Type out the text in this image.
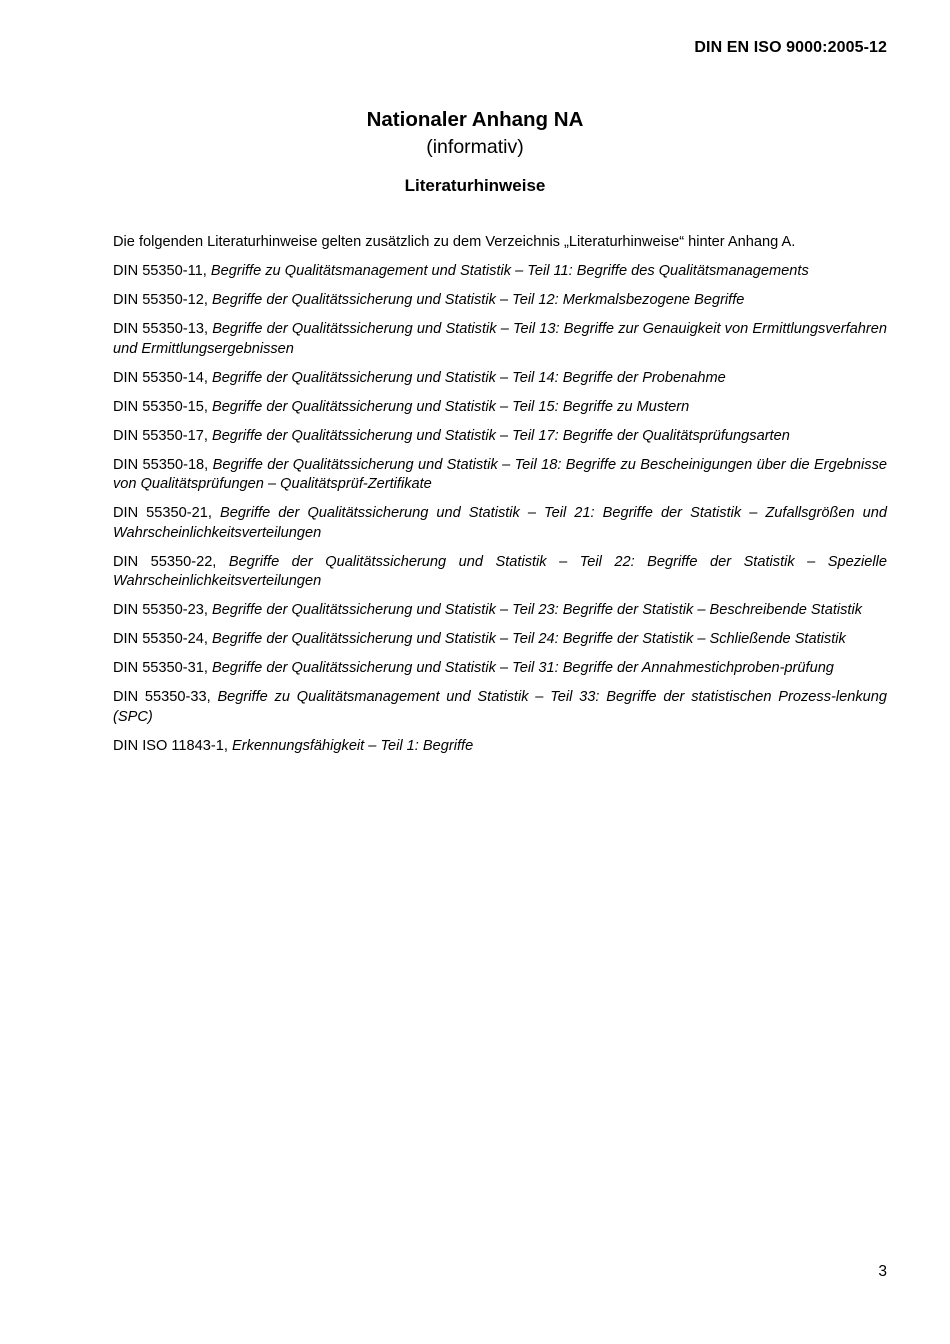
DIN EN ISO 9000:2005-12
Nationaler Anhang NA
(informativ)
Literaturhinweise

Die folgenden Literaturhinweise gelten zusätzlich zu dem Verzeichnis „Literaturhinweise“ hinter Anhang A.

DIN 55350-11, Begriffe zu Qualitätsmanagement und Statistik – Teil 11: Begriffe des Qualitätsmanagements

DIN 55350-12, Begriffe der Qualitätssicherung und Statistik – Teil 12: Merkmalsbezogene Begriffe

DIN 55350-13, Begriffe der Qualitätssicherung und Statistik – Teil 13: Begriffe zur Genauigkeit von Ermittlungsverfahren und Ermittlungsergebnissen

DIN 55350-14, Begriffe der Qualitätssicherung und Statistik – Teil 14: Begriffe der Probenahme

DIN 55350-15, Begriffe der Qualitätssicherung und Statistik – Teil 15: Begriffe zu Mustern

DIN 55350-17, Begriffe der Qualitätssicherung und Statistik – Teil 17: Begriffe der Qualitätsprüfungsarten

DIN 55350-18, Begriffe der Qualitätssicherung und Statistik – Teil 18: Begriffe zu Bescheinigungen über die Ergebnisse von Qualitätsprüfungen – Qualitätsprüf-Zertifikate

DIN 55350-21, Begriffe der Qualitätssicherung und Statistik – Teil 21: Begriffe der Statistik – Zufallsgrößen und Wahrscheinlichkeitsverteilungen

DIN 55350-22, Begriffe der Qualitätssicherung und Statistik – Teil 22: Begriffe der Statistik – Spezielle Wahrscheinlichkeitsverteilungen

DIN 55350-23, Begriffe der Qualitätssicherung und Statistik – Teil 23: Begriffe der Statistik – Beschreibende Statistik

DIN 55350-24, Begriffe der Qualitätssicherung und Statistik – Teil 24: Begriffe der Statistik – Schließende Statistik

DIN 55350-31, Begriffe der Qualitätssicherung und Statistik – Teil 31: Begriffe der Annahmestichproben-prüfung

DIN 55350-33, Begriffe zu Qualitätsmanagement und Statistik – Teil 33: Begriffe der statistischen Prozess-lenkung (SPC)

DIN ISO 11843-1, Erkennungsfähigkeit – Teil 1: Begriffe

3
